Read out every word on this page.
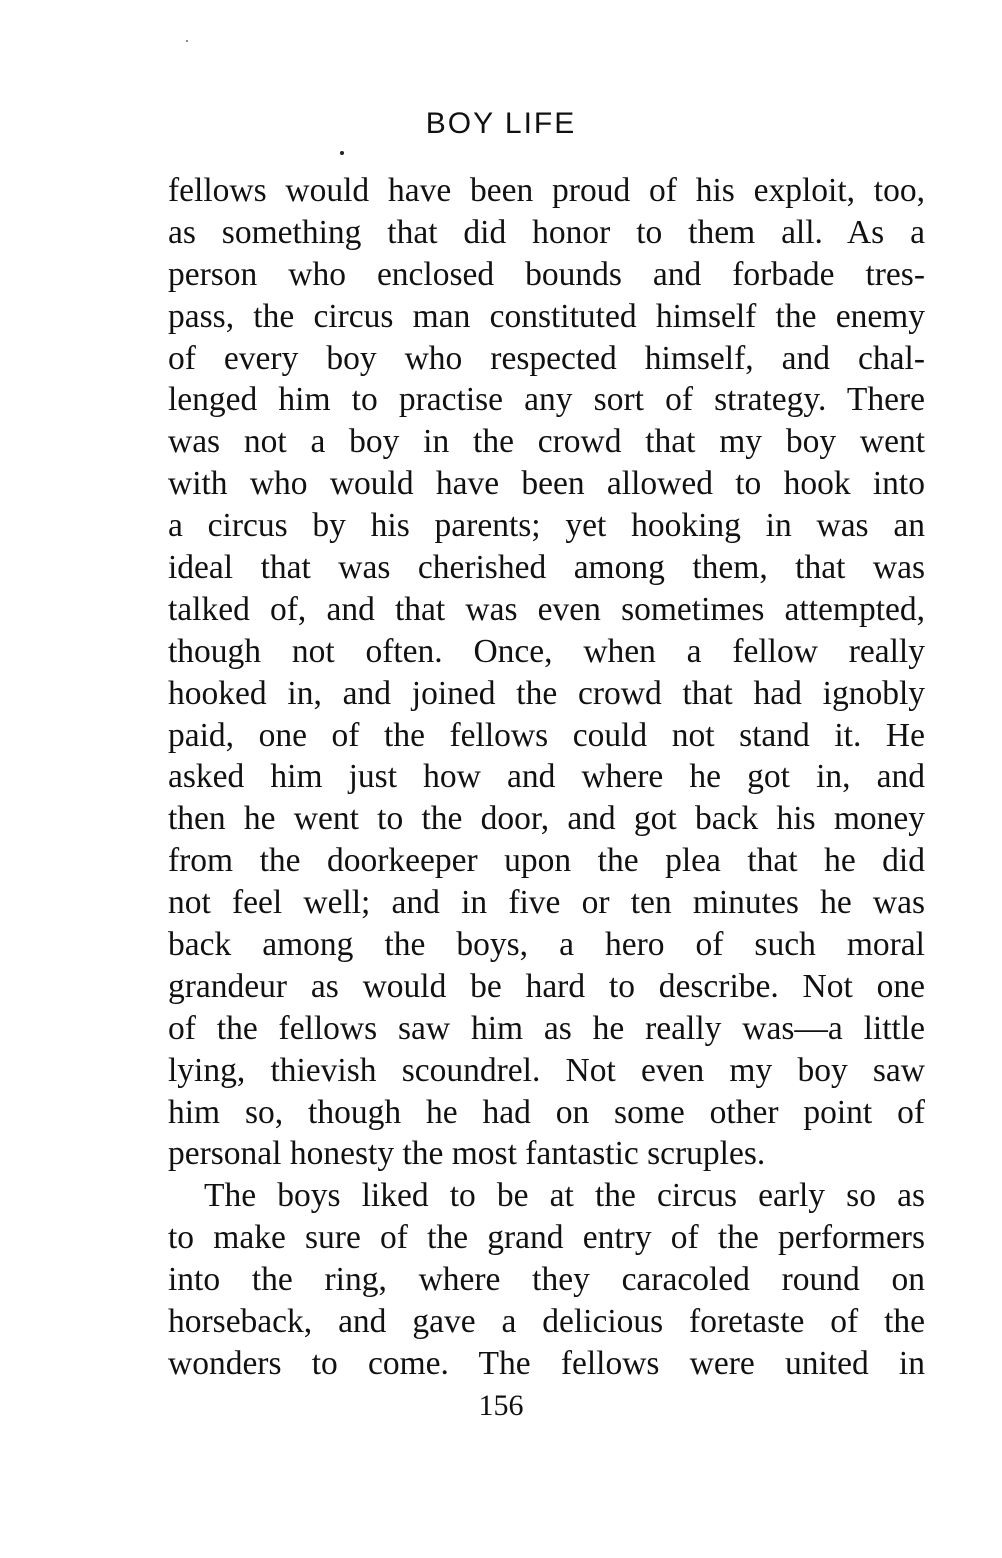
BOY LIFE
fellows would have been proud of his exploit, too,
as something that did honor to them all. As a
person who enclosed bounds and forbade tres-
pass, the circus man constituted himself the enemy
of every boy who respected himself, and chal-
lenged him to practise any sort of strategy. There
was not a boy in the crowd that my boy went
with who would have been allowed to hook into
a circus by his parents; yet hooking in was an
ideal that was cherished among them, that was
talked of, and that was even sometimes attempted,
though not often. Once, when a fellow really
hooked in, and joined the crowd that had ignobly
paid, one of the fellows could not stand it. He
asked him just how and where he got in, and
then he went to the door, and got back his money
from the doorkeeper upon the plea that he did
not feel well; and in five or ten minutes he was
back among the boys, a hero of such moral
grandeur as would be hard to describe. Not one
of the fellows saw him as he really was—a little
lying, thievish scoundrel. Not even my boy saw
him so, though he had on some other point of
personal honesty the most fantastic scruples.
The boys liked to be at the circus early so as
to make sure of the grand entry of the performers
into the ring, where they caracoled round on
horseback, and gave a delicious foretaste of the
wonders to come. The fellows were united in
156
